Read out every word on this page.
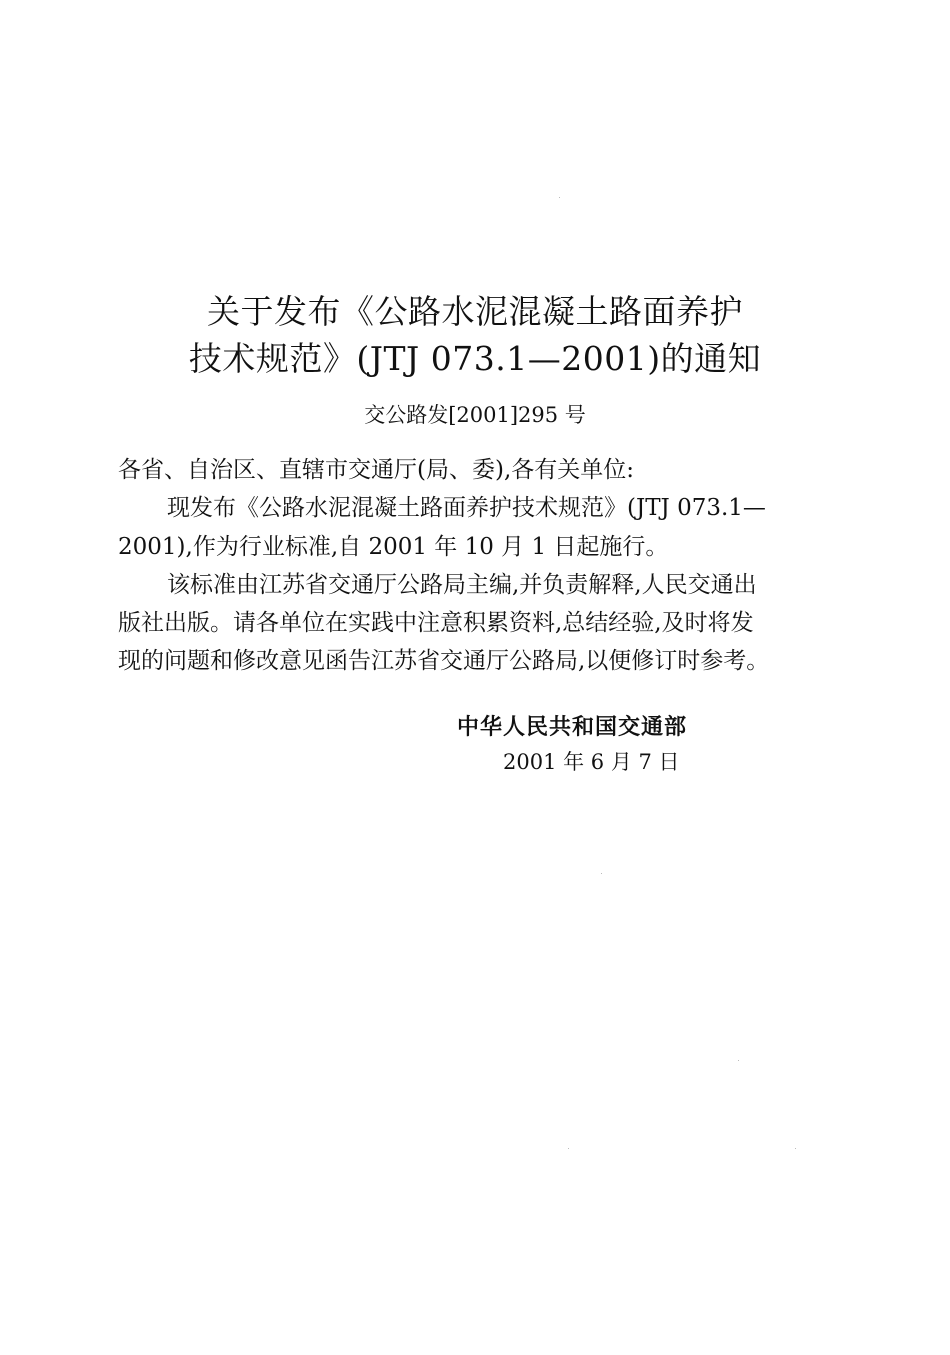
关于发布《公路水泥混凝土路面养护
技术规范》(JTJ 073.1—2001)的通知
交公路发[2001]295 号
各省、自治区、直辖市交通厅(局、委),各有关单位:
现发布《公路水泥混凝土路面养护技术规范》(JTJ 073.1—
2001),作为行业标准,自 2001 年 10 月 1 日起施行。
该标准由江苏省交通厅公路局主编,并负责解释,人民交通出
版社出版。请各单位在实践中注意积累资料,总结经验,及时将发
现的问题和修改意见函告江苏省交通厅公路局,以便修订时参考。
中华人民共和国交通部
2001 年 6 月 7 日
